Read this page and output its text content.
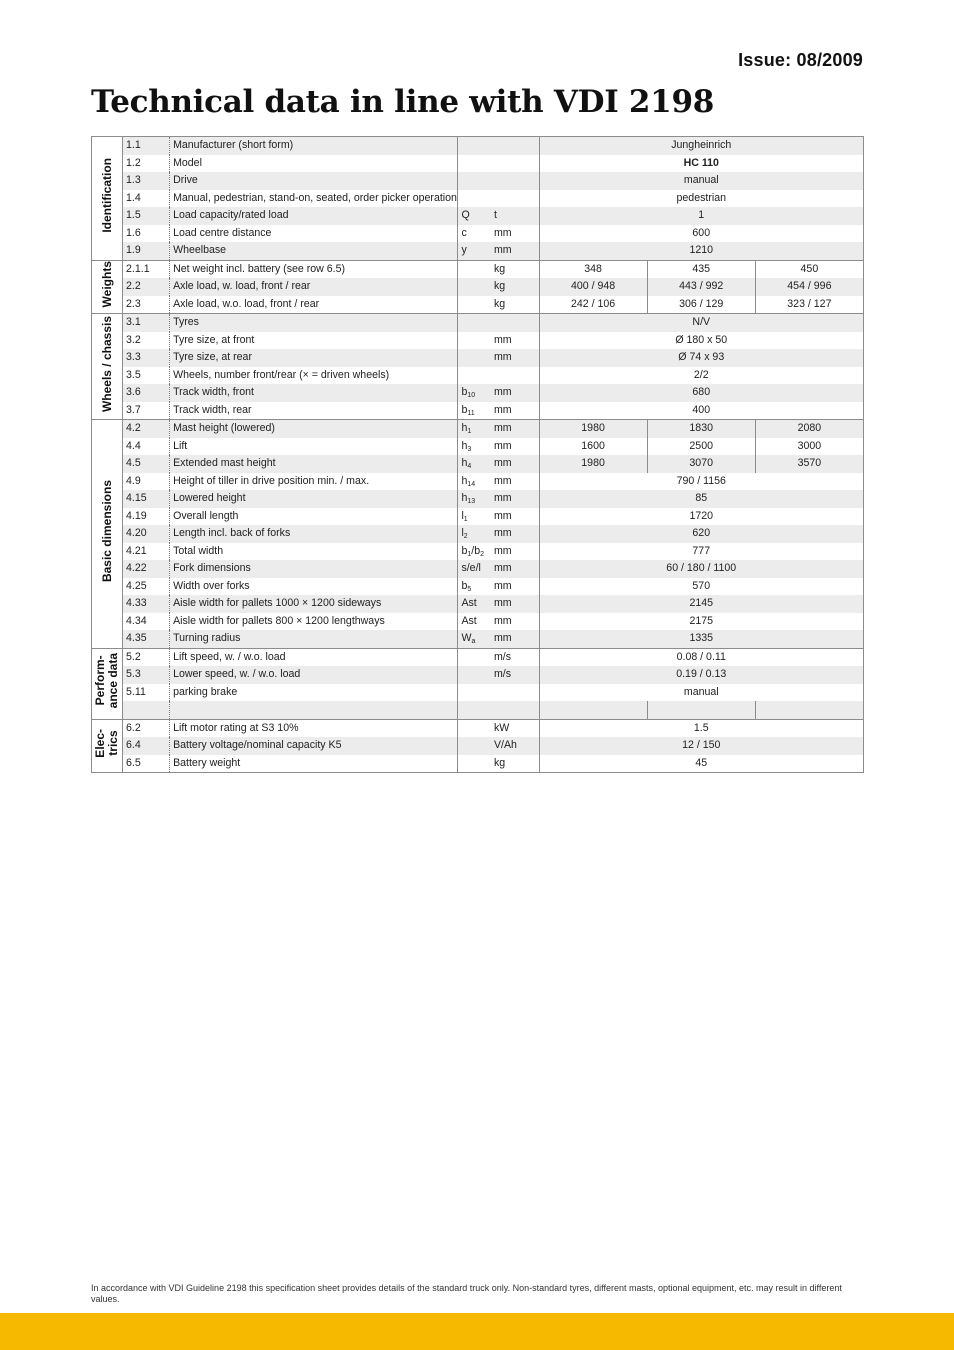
Issue: 08/2009
Technical data in line with VDI 2198
Identification	1.1	Manufacturer (short form)			Jungheinrich		
	1.2	Model			HC 110		
	1.3	Drive			manual		
	1.4	Manual, pedestrian, stand-on, seated, order picker operation			pedestrian		
	1.5	Load capacity/rated load	Q	t	1		
	1.6	Load centre distance	c	mm	600		
	1.9	Wheelbase	y	mm	1210		

Weights	2.1.1	Net weight incl. battery (see row 6.5)		kg	348	435	450
	2.2	Axle load, w. load, front / rear		kg	400 / 948	443 / 992	454 / 996
	2.3	Axle load, w.o. load, front / rear		kg	242 / 106	306 / 129	323 / 127

Wheels / chassis	3.1	Tyres			N/V		
	3.2	Tyre size, at front		mm	Ø 180 x 50		
	3.3	Tyre size, at rear		mm	Ø 74 x 93		
	3.5	Wheels, number front/rear (× = driven wheels)			2/2		
	3.6	Track width, front	$b_{10}$	mm	680		
	3.7	Track width, rear	$b_{11}$	mm	400		

Basic dimensions	4.2	Mast height (lowered)	$h_1$	mm	1980	1830	2080
	4.4	Lift	$h_3$	mm	1600	2500	3000
	4.5	Extended mast height	$h_4$	mm	1980	3070	3570
	4.9	Height of tiller in drive position min. / max.	$h_{14}$	mm	790 / 1156		
	4.15	Lowered height	$h_{13}$	mm	85		
	4.19	Overall length	$l_1$	mm	1720		
	4.20	Length incl. back of forks	$l_2$	mm	620		
	4.21	Total width	$b_1/b_2$	mm	777		
	4.22	Fork dimensions	s/e/l	mm	60 / 180 / 1100		
	4.25	Width over forks	$b_5$	mm	570		
	4.33	Aisle width for pallets 1000 × 1200 sideways	Ast	mm	2145		
	4.34	Aisle width for pallets 800 × 1200 lengthways	Ast	mm	2175		
	4.35	Turning radius	$W_a$	mm	1335		

Perform- ance data	5.2	Lift speed, w. / w.o. load		m/s	0.08 / 0.11		
	5.3	Lower speed, w. / w.o. load		m/s	0.19 / 0.13		
	5.11	parking brake			manual		

Elec- trics	6.2	Lift motor rating at S3 10%		kW	1.5		
	6.4	Battery voltage/nominal capacity K5		V/Ah	12 / 150		
	6.5	Battery weight		kg	45		
In accordance with VDI Guideline 2198 this specification sheet provides details of the standard truck only. Non-standard tyres, different masts, optional equipment, etc. may result in different values.
